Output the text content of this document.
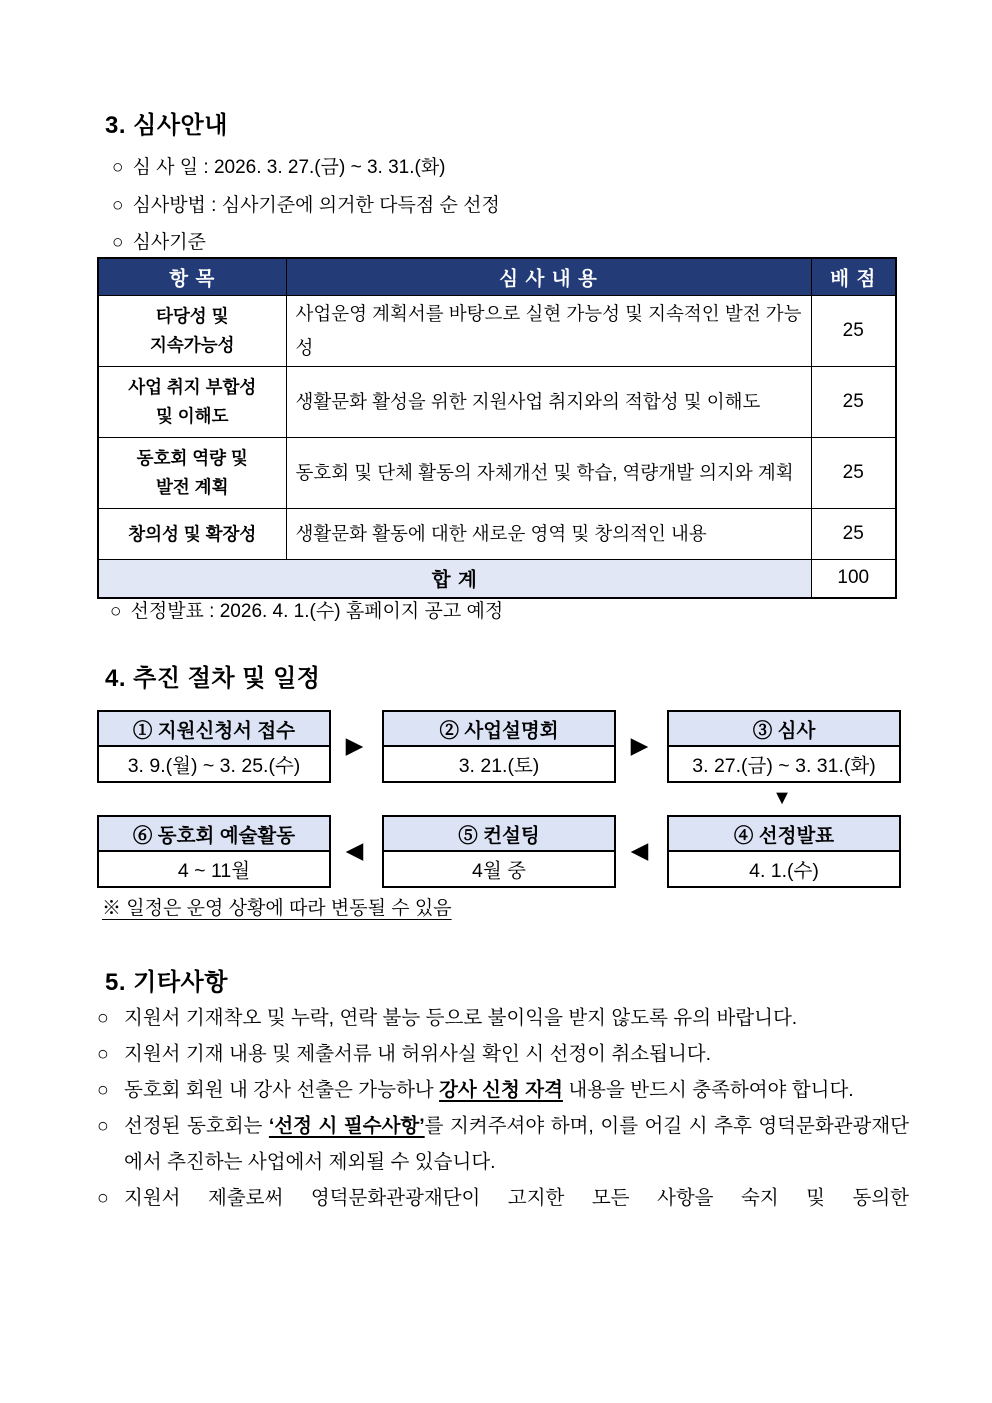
3. 심사안내
○ 심 사 일 : 2026. 3. 27.(금) ~ 3. 31.(화)
○ 심사방법 : 심사기준에 의거한 다득점 순 선정
○ 심사기준
항 목	심 사 내 용	배 점

타당성 및
지속가능성	사업운영 계획서를 바탕으로 실현 가능성 및 지속적인 발전 가능성	25

사업 취지 부합성
및 이해도	생활문화 활성을 위한 지원사업 취지와의 적합성 및 이해도	25

동호회 역량 및
발전 계획	동호회 및 단체 활동의 자체개선 및 학습, 역량개발 의지와 계획	25

창의성 및 확장성	생활문화 활동에 대한 새로운 영역 및 창의적인 내용	25
합 계		100
○ 선정발표 : 2026. 4. 1.(수) 홈페이지 공고 예정
4. 추진 절차 및 일정
① 지원신청서 접수
3. 9.(월) ~ 3. 25.(수)
▶
② 사업설명회
3. 21.(토)
▶
③ 심사
3. 27.(금) ~ 3. 31.(화)
▼
⑥ 동호회 예술활동
4 ~ 11월
◀
⑤ 컨설팅
4월 중
◀
④ 선정발표
4. 1.(수)
※ 일정은 운영 상황에 따라 변동될 수 있음
5. 기타사항

○ 지원서 기재착오 및 누락, 연락 불능 등으로 불이익을 받지 않도록 유의 바랍니다.

○ 지원서 기재 내용 및 제출서류 내 허위사실 확인 시 선정이 취소됩니다.

○ 동호회 회원 내 강사 선출은 가능하나 강사 신청 자격 내용을 반드시 충족하여야 합니다.

○ 선정된 동호회는 ‘선정 시 필수사항’를 지켜주셔야 하며, 이를 어길 시 추후 영덕문화관광재단에서 추진하는 사업에서 제외될 수 있습니다.

○ 지원서 제출로써 영덕문화관광재단이 고지한 모든 사항을 숙지 및 동의한
